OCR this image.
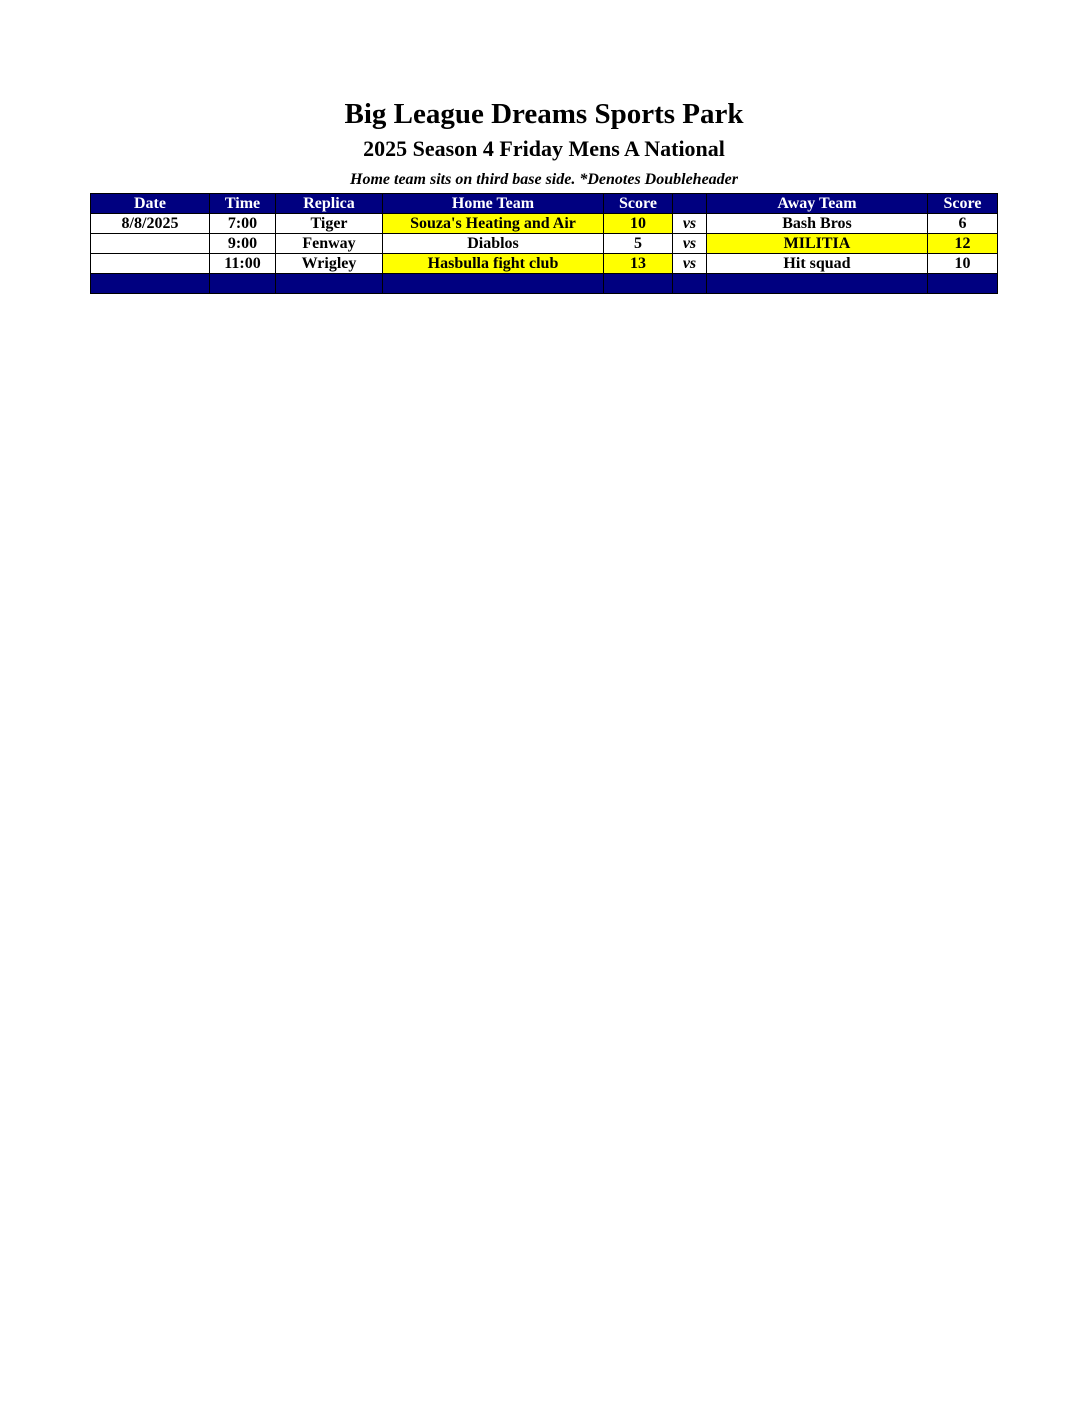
Big League Dreams Sports Park
2025 Season 4 Friday Mens A National
Home team sits on third base side. *Denotes Doubleheader
Date	Time	Replica	Home Team	Score		Away Team	Score
8/8/2025	7:00	Tiger	Souza's Heating and Air	10	vs	Bash Bros	6
	9:00	Fenway	Diablos	5	vs	MILITIA	12
	11:00	Wrigley	Hasbulla fight club	13	vs	Hit squad	10
